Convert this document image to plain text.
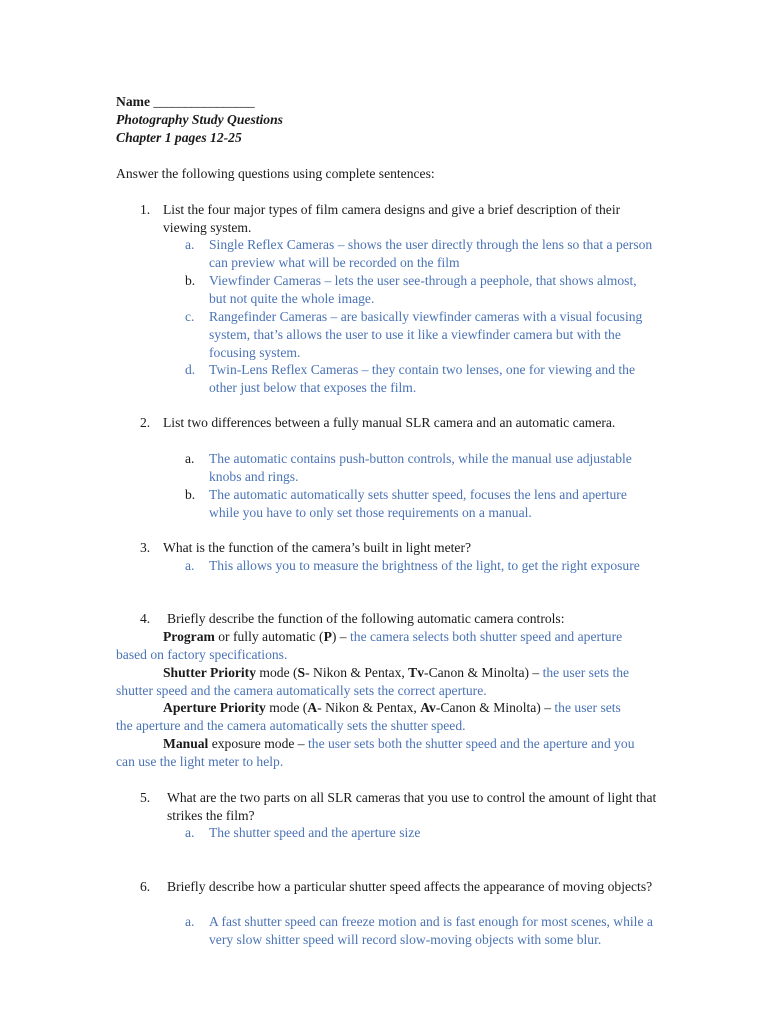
Name ________________
Photography Study Questions
Chapter 1 pages 12-25
Answer the following questions using complete sentences:
1. List the four major types of film camera designs and give a brief description of their viewing system.
a. Single Reflex Cameras – shows the user directly through the lens so that a person can preview what will be recorded on the film
b. Viewfinder Cameras – lets the user see-through a peephole, that shows almost, but not quite the whole image.
c. Rangefinder Cameras – are basically viewfinder cameras with a visual focusing system, that’s allows the user to use it like a viewfinder camera but with the focusing system.
d. Twin-Lens Reflex Cameras – they contain two lenses, one for viewing and the other just below that exposes the film.
2. List two differences between a fully manual SLR camera and an automatic camera.
a. The automatic contains push-button controls, while the manual use adjustable knobs and rings.
b. The automatic automatically sets shutter speed, focuses the lens and aperture while you have to only set those requirements on a manual.
3. What is the function of the camera’s built in light meter?
a. This allows you to measure the brightness of the light, to get the right exposure
4. Briefly describe the function of the following automatic camera controls:
Program or fully automatic (P) – the camera selects both shutter speed and aperture based on factory specifications.
Shutter Priority mode (S- Nikon & Pentax, Tv-Canon & Minolta) – the user sets the shutter speed and the camera automatically sets the correct aperture.
Aperture Priority mode (A- Nikon & Pentax, Av-Canon & Minolta) – the user sets the aperture and the camera automatically sets the shutter speed.
Manual exposure mode – the user sets both the shutter speed and the aperture and you can use the light meter to help.
5. What are the two parts on all SLR cameras that you use to control the amount of light that strikes the film?
a. The shutter speed and the aperture size
6. Briefly describe how a particular shutter speed affects the appearance of moving objects?
a. A fast shutter speed can freeze motion and is fast enough for most scenes, while a very slow shitter speed will record slow-moving objects with some blur.
